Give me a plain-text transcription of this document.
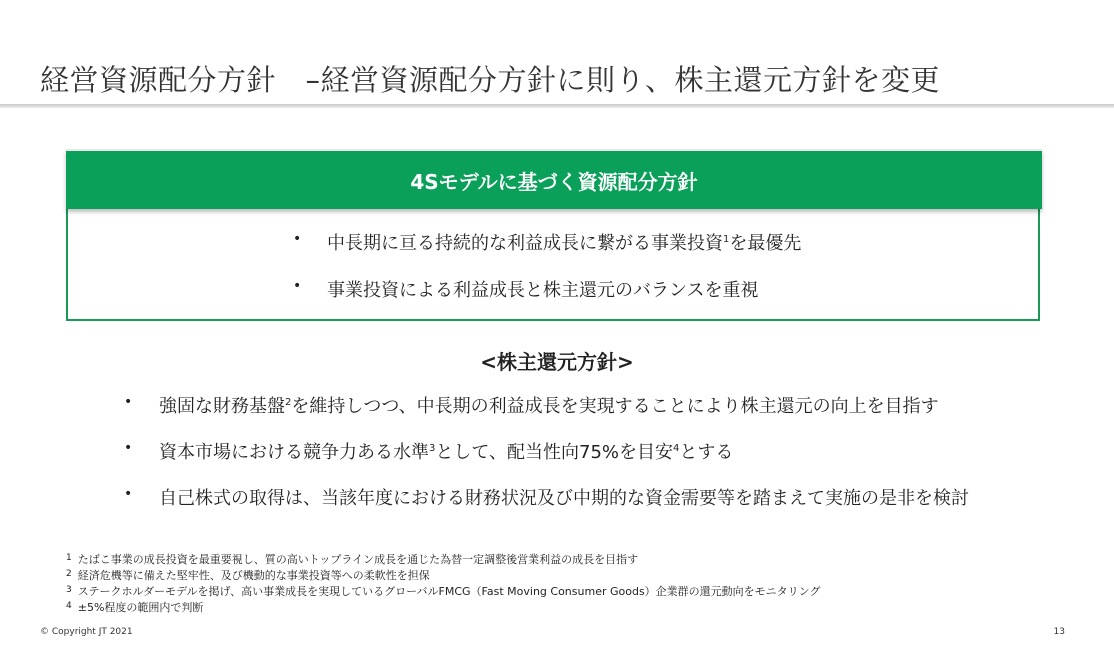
経営資源配分方針　–経営資源配分方針に則り、株主還元方針を変更
4Sモデルに基づく資源配分方針
• 中長期に亘る持続的な利益成長に繋がる事業投資$^1$を最優先
• 事業投資による利益成長と株主還元のバランスを重視
<株主還元方針>
• 強固な財務基盤$^2$を維持しつつ、中長期の利益成長を実現することにより株主還元の向上を目指す
• 資本市場における競争力ある水準$^3$として、配当性向75%を目安$^4$とする
• 自己株式の取得は、当該年度における財務状況及び中期的な資金需要等を踏まえて実施の是非を検討
$^1$ たばこ事業の成長投資を最重要視し、質の高いトップライン成長を通じた為替一定調整後営業利益の成長を目指す
$^2$ 経済危機等に備えた堅牢性、及び機動的な事業投資等への柔軟性を担保
$^3$ ステークホルダーモデルを掲げ、高い事業成長を実現しているグローバルFMCG（Fast Moving Consumer Goods）企業群の還元動向をモニタリング
$^4$ ±5%程度の範囲内で判断
© Copyright JT 2021	13
